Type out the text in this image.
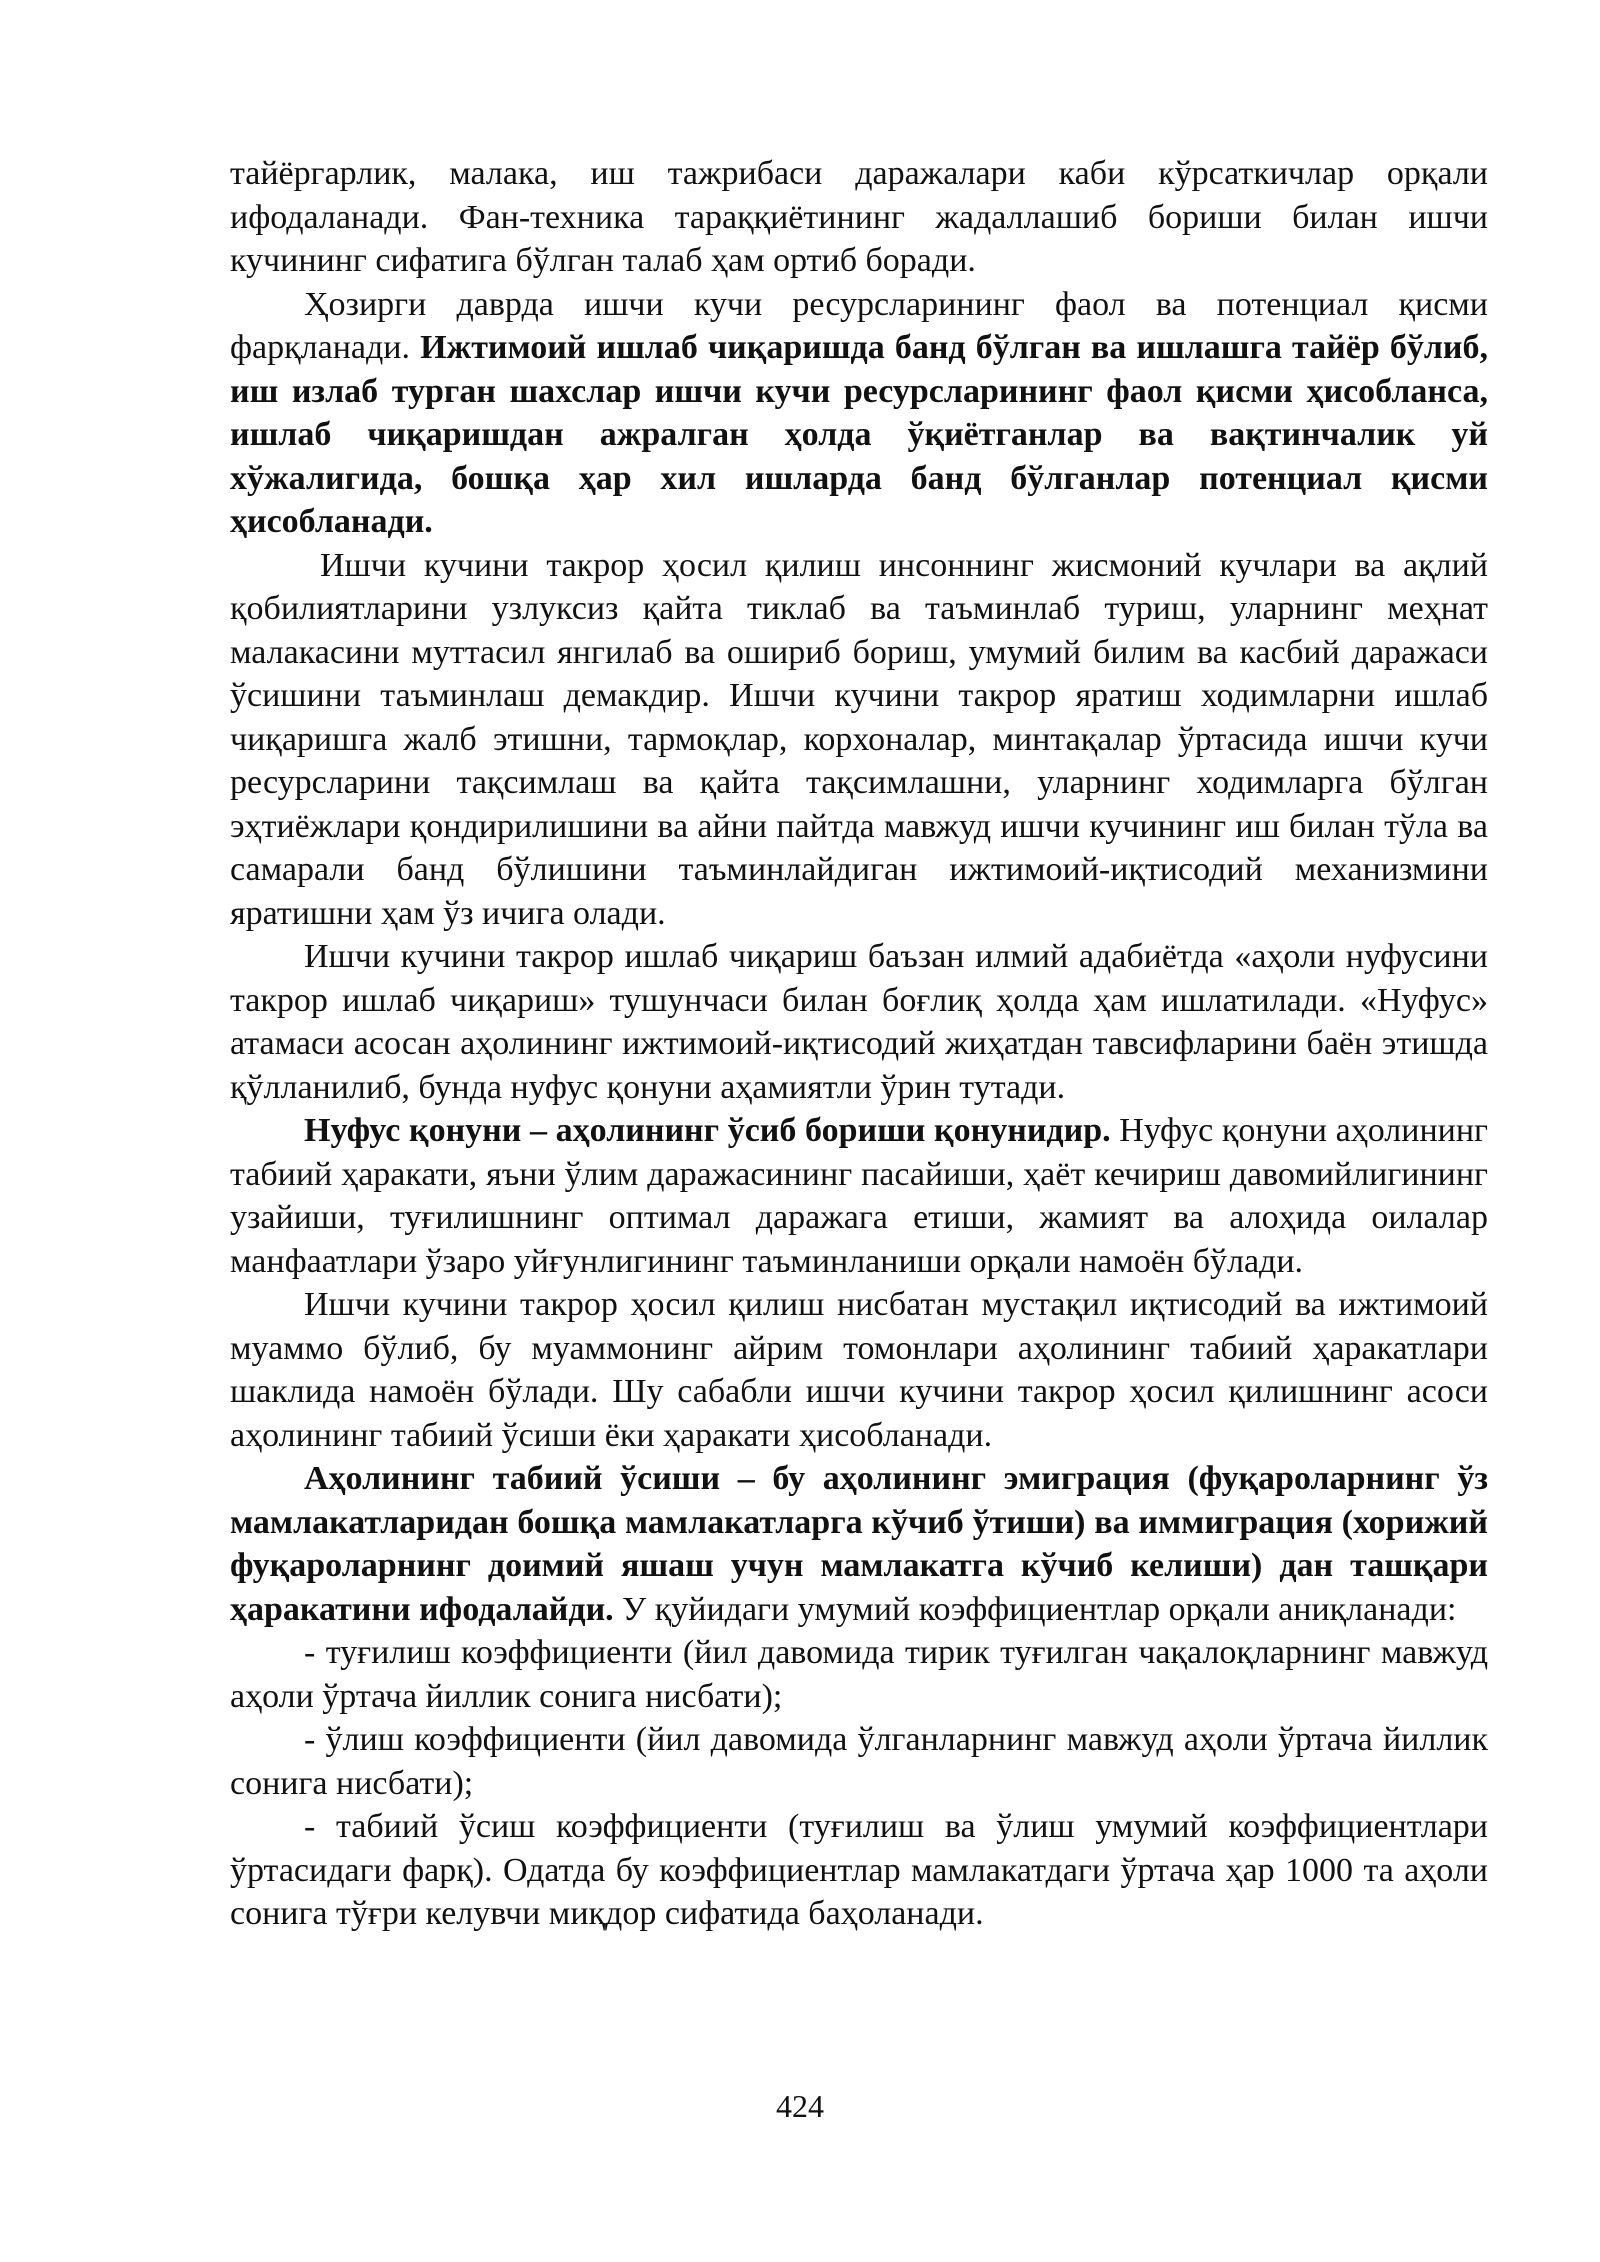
тайёргарлик, малака, иш тажрибаси даражалари каби кўрсаткичлар орқали ифодаланади. Фан-техника тараққиётининг жадаллашиб бориши билан ишчи кучининг сифатига бўлган талаб ҳам ортиб боради.

Ҳозирги даврда ишчи кучи ресурсларининг фаол ва потенциал қисми фарқланади. Ижтимоий ишлаб чиқаришда банд бўлган ва ишлашга тайёр бўлиб, иш излаб турган шахслар ишчи кучи ресурсларининг фаол қисми ҳисобланса, ишлаб чиқаришдан ажралган ҳолда ўқиётганлар ва вақтинчалик уй хўжалигида, бошқа ҳар хил ишларда банд бўлганлар потенциал қисми ҳисобланади.

Ишчи кучини такрор ҳосил қилиш инсоннинг жисмоний кучлари ва ақлий қобилиятларини узлуксиз қайта тиклаб ва таъминлаб туриш, уларнинг меҳнат малакасини муттасил янгилаб ва ошириб бориш, умумий билим ва касбий даражаси ўсишини таъминлаш демакдир. Ишчи кучини такрор яратиш ходимларни ишлаб чиқаришга жалб этишни, тармоқлар, корхоналар, минтақалар ўртасида ишчи кучи ресурсларини тақсимлаш ва қайта тақсимлашни, уларнинг ходимларга бўлган эҳтиёжлари қондирилишини ва айни пайтда мавжуд ишчи кучининг иш билан тўла ва самарали банд бўлишини таъминлайдиган ижтимоий-иқтисодий механизмини яратишни ҳам ўз ичига олади.

Ишчи кучини такрор ишлаб чиқариш баъзан илмий адабиётда «аҳоли нуфусини такрор ишлаб чиқариш» тушунчаси билан боғлиқ ҳолда ҳам ишлатилади. «Нуфус» атамаси асосан аҳолининг ижтимоий-иқтисодий жиҳатдан тавсифларини баён этишда қўлланилиб, бунда нуфус қонуни аҳамиятли ўрин тутади.

Нуфус қонуни – аҳолининг ўсиб бориши қонунидир. Нуфус қонуни аҳолининг табиий ҳаракати, яъни ўлим даражасининг пасайиши, ҳаёт кечириш давомийлигининг узайиши, туғилишнинг оптимал даражага етиши, жамият ва алоҳида оилалар манфаатлари ўзаро уйғунлигининг таъминланиши орқали намоён бўлади.

Ишчи кучини такрор ҳосил қилиш нисбатан мустақил иқтисодий ва ижтимоий муаммо бўлиб, бу муаммонинг айрим томонлари аҳолининг табиий ҳаракатлари шаклида намоён бўлади. Шу сабабли ишчи кучини такрор ҳосил қилишнинг асоси аҳолининг табиий ўсиши ёки ҳаракати ҳисобланади.

Аҳолининг табиий ўсиши – бу аҳолининг эмиграция (фуқароларнинг ўз мамлакатларидан бошқа мамлакатларга кўчиб ўтиши) ва иммиграция (хорижий фуқароларнинг доимий яшаш учун мамлакатга кўчиб келиши) дан ташқари ҳаракатини ифодалайди. У қуйидаги умумий коэффициентлар орқали аниқланади:

- туғилиш коэффициенти (йил давомида тирик туғилган чақалоқларнинг мавжуд аҳоли ўртача йиллик сонига нисбати);

- ўлиш коэффициенти (йил давомида ўлганларнинг мавжуд аҳоли ўртача йиллик сонига нисбати);

- табиий ўсиш коэффициенти (туғилиш ва ўлиш умумий коэффициентлари ўртасидаги фарқ). Одатда бу коэффициентлар мамлакатдаги ўртача ҳар 1000 та аҳоли сонига тўғри келувчи миқдор сифатида баҳоланади.

424
